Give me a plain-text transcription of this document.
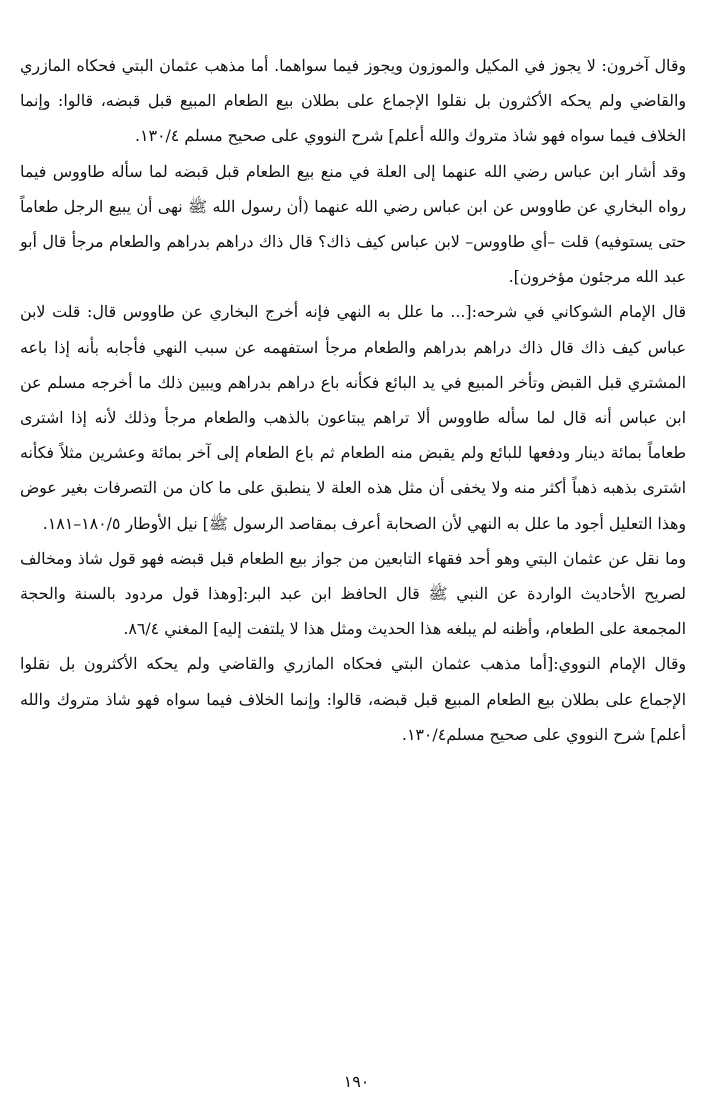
وقال آخرون: لا يجوز في المكيل والموزون ويجوز فيما سواهما. أما مذهب عثمان البتي فحكاه المازري والقاضي ولم يحكه الأكثرون بل نقلوا الإجماع على بطلان بيع الطعام المبيع قبل قبضه، قالوا: وإنما الخلاف فيما سواه فهو شاذ متروك والله أعلم] شرح النووي على صحيح مسلم ١٣٠/٤.

وقد أشار ابن عباس رضي الله عنهما إلى العلة في منع بيع الطعام قبل قبضه لما سأله طاووس فيما رواه البخاري عن طاووس عن ابن عباس رضي الله عنهما (أن رسول الله ﷺ نهى أن يبيع الرجل طعاماً حتى يستوفيه) قلت –أي طاووس– لابن عباس كيف ذاك؟ قال ذاك دراهم بدراهم والطعام مرجأ قال أبو عبد الله مرجئون مؤخرون].

قال الإمام الشوكاني في شرحه:[... ما علل به النهي فإنه أخرج البخاري عن طاووس قال: قلت لابن عباس كيف ذاك قال ذاك دراهم بدراهم والطعام مرجأ استفهمه عن سبب النهي فأجابه بأنه إذا باعه المشتري قبل القبض وتأخر المبيع في يد البائع فكأنه باع دراهم بدراهم ويبين ذلك ما أخرجه مسلم عن ابن عباس أنه قال لما سأله طاووس ألا تراهم يبتاعون بالذهب والطعام مرجأ وذلك لأنه إذا اشترى طعاماً بمائة دينار ودفعها للبائع ولم يقبض منه الطعام ثم باع الطعام إلى آخر بمائة وعشرين مثلاً فكأنه اشترى بذهبه ذهباً أكثر منه ولا يخفى أن مثل هذه العلة لا ينطبق على ما كان من التصرفات بغير عوض وهذا التعليل أجود ما علل به النهي لأن الصحابة أعرف بمقاصد الرسول ﷺ] نيل الأوطار ١٨٠/٥–١٨١.

وما نقل عن عثمان البتي وهو أحد فقهاء التابعين من جواز بيع الطعام قبل قبضه فهو قول شاذ ومخالف لصريح الأحاديث الواردة عن النبي ﷺ قال الحافظ ابن عبد البر:[وهذا قول مردود بالسنة والحجة المجمعة على الطعام، وأظنه لم يبلغه هذا الحديث ومثل هذا لا يلتفت إليه] المغني ٨٦/٤.

وقال الإمام النووي:[أما مذهب عثمان البتي فحكاه المازري والقاضي ولم يحكه الأكثرون بل نقلوا الإجماع على بطلان بيع الطعام المبيع قبل قبضه، قالوا: وإنما الخلاف فيما سواه فهو شاذ متروك والله أعلم] شرح النووي على صحيح مسلم١٣٠/٤.

١٩٠
